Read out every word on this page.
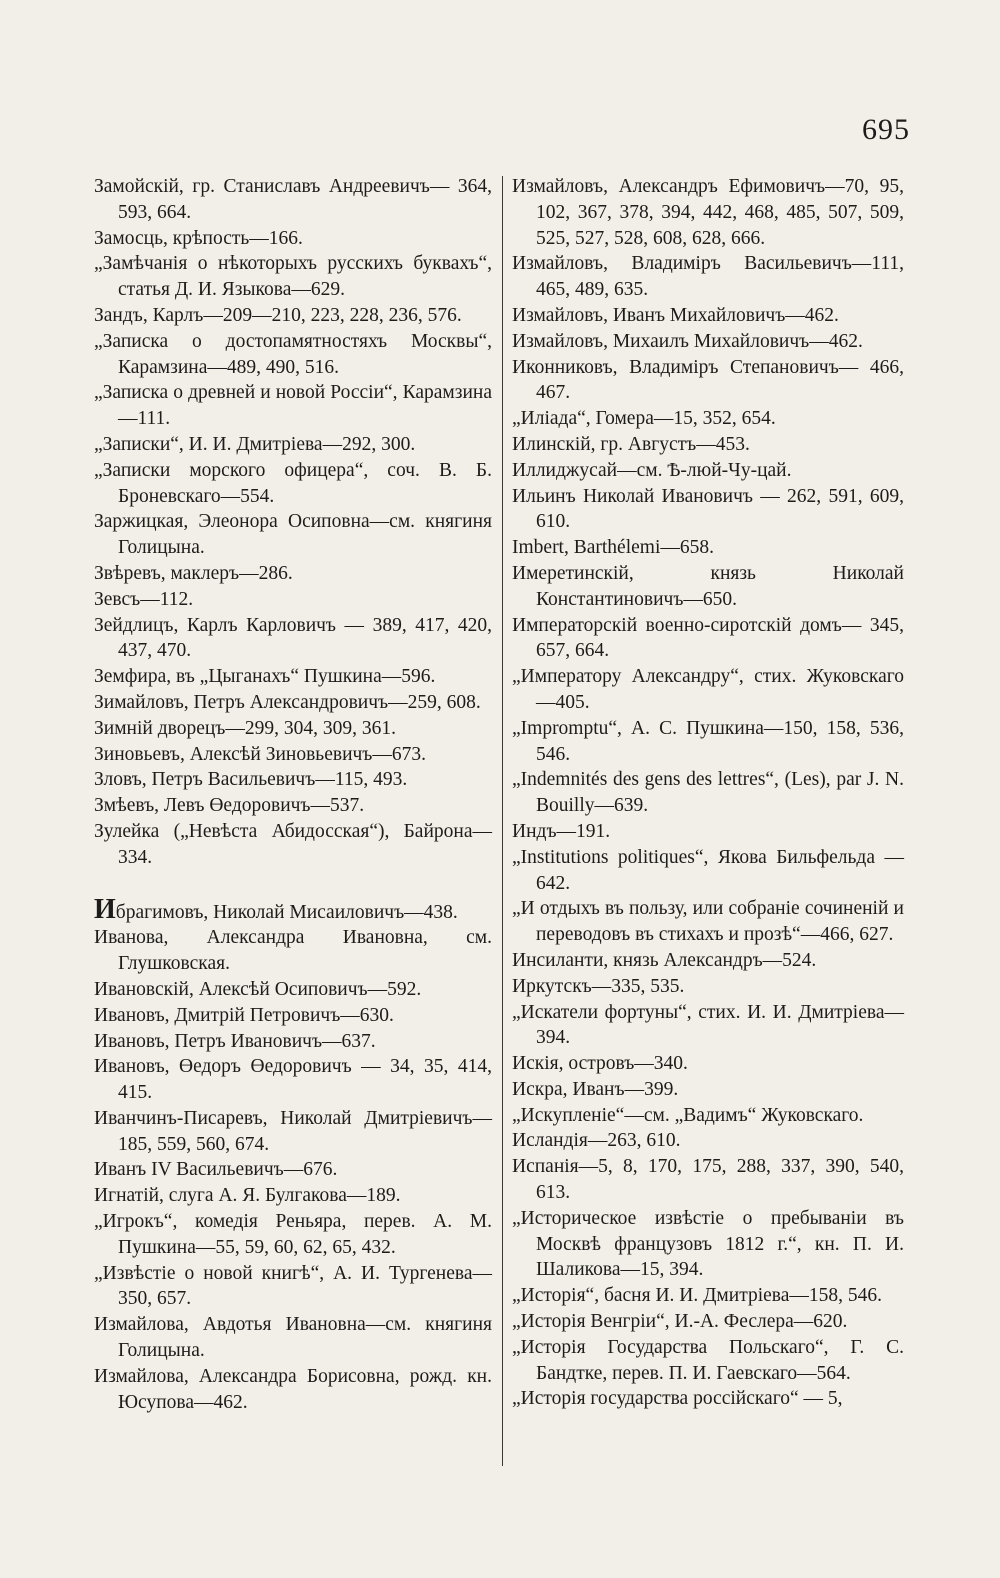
695

Замойскій, гр. Станиславъ Андреевичъ— 364, 593, 664.

Замосць, крѣпость—166.

„Замѣчанія о нѣкоторыхъ русскихъ буквахъ“, статья Д. И. Языкова—629.

Зандъ, Карлъ—209—210, 223, 228, 236, 576.

„Записка о достопамятностяхъ Москвы“, Карамзина—489, 490, 516.

„Записка о древней и новой Россіи“, Карамзина—111.

„Записки“, И. И. Дмитріева—292, 300.

„Записки морского офицера“, соч. В. Б. Броневскаго—554.

Заржицкая, Элеонора Осиповна—см. княгиня Голицына.

Звѣревъ, маклеръ—286.

Зевсъ—112.

Зейдлицъ, Карлъ Карловичъ — 389, 417, 420, 437, 470.

Земфира, въ „Цыганахъ“ Пушкина—596.

Зимайловъ, Петръ Александровичъ—259, 608.

Зимній дворецъ—299, 304, 309, 361.

Зиновьевъ, Алексѣй Зиновьевичъ—673.

Зловъ, Петръ Васильевичъ—115, 493.

Змѣевъ, Левъ Өедоровичъ—537.

Зулейка („Невѣста Абидосская“), Байрона—334.

Ибрагимовъ, Николай Мисаиловичъ—438.

Иванова, Александра Ивановна, см. Глушковская.

Ивановскій, Алексѣй Осиповичъ—592.

Ивановъ, Дмитрій Петровичъ—630.

Ивановъ, Петръ Ивановичъ—637.

Ивановъ, Өедоръ Өедоровичъ — 34, 35, 414, 415.

Иванчинъ-Писаревъ, Николай Дмитріевичъ—185, 559, 560, 674.

Иванъ IV Васильевичъ—676.

Игнатій, слуга А. Я. Булгакова—189.

„Игрокъ“, комедія Реньяра, перев. А. М. Пушкина—55, 59, 60, 62, 65, 432.

„Извѣстіе о новой книгѣ“, А. И. Тургенева—350, 657.

Измайлова, Авдотья Ивановна—см. княгиня Голицына.

Измайлова, Александра Борисовна, рожд. кн. Юсупова—462.

Измайловъ, Александръ Ефимовичъ—70, 95, 102, 367, 378, 394, 442, 468, 485, 507, 509, 525, 527, 528, 608, 628, 666.

Измайловъ, Владиміръ Васильевичъ—111, 465, 489, 635.

Измайловъ, Иванъ Михайловичъ—462.

Измайловъ, Михаилъ Михайловичъ—462.

Иконниковъ, Владиміръ Степановичъ— 466, 467.

„Иліада“, Гомера—15, 352, 654.

Илинскій, гр. Августъ—453.

Иллиджусай—см. Ѣ-люй-Чу-цай.

Ильинъ Николай Ивановичъ — 262, 591, 609, 610.

Imbert, Barthélemi—658.

Имеретинскій, князь Николай Константиновичъ—650.

Императорскій военно-сиротскій домъ— 345, 657, 664.

„Императору Александру“, стих. Жуковскаго—405.

„Impromptu“, А. С. Пушкина—150, 158, 536, 546.

„Indemnités des gens des lettres“, (Les), par J. N. Bouilly—639.

Индъ—191.

„Institutions politiques“, Якова Бильфельда —642.

„И отдыхъ въ пользу, или собраніе сочиненій и переводовъ въ стихахъ и прозѣ“—466, 627.

Инсиланти, князь Александръ—524.

Иркутскъ—335, 535.

„Искатели фортуны“, стих. И. И. Дмитріева—394.

Искія, островъ—340.

Искра, Иванъ—399.

„Искупленіе“—см. „Вадимъ“ Жуковскаго.

Исландія—263, 610.

Испанія—5, 8, 170, 175, 288, 337, 390, 540, 613.

„Историческое извѣстіе о пребываніи въ Москвѣ французовъ 1812 г.“, кн. П. И. Шаликова—15, 394.

„Исторія“, басня И. И. Дмитріева—158, 546.

„Исторія Венгріи“, И.-А. Феслера—620.

„Исторія Государства Польскаго“, Г. С. Бандтке, перев. П. И. Гаевскаго—564.

„Исторія государства россійскаго“ — 5,
